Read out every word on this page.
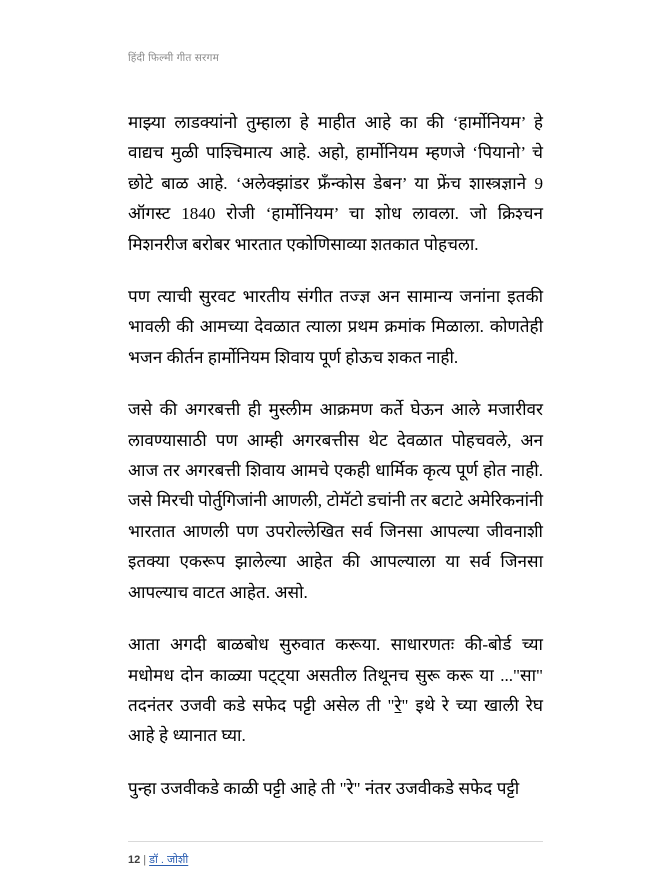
हिंदी फिल्मी गीत सरगम

माझ्या लाडक्यांनो तुम्हाला हे माहीत आहे का की ‘हार्मोनियम’ हे वाद्यच मुळी पाश्चिमात्य आहे. अहो, हार्मोनियम म्हणजे ‘पियानो’ चे छोटे बाळ आहे. ‘अलेक्झांडर फ्रँन्कोस डेबन’ या फ्रेंच शास्त्रज्ञाने 9 ऑगस्ट 1840 रोजी ‘हार्मोनियम’ चा शोध लावला. जो क्रिश्चन मिशनरीज बरोबर भारतात एकोणिसाव्या शतकात पोहचला.

पण त्याची सुरवट भारतीय संगीत तज्ज्ञ अन सामान्य जनांना इतकी भावली की आमच्या देवळात त्याला प्रथम क्रमांक मिळाला. कोणतेही भजन कीर्तन हार्मोनियम शिवाय पूर्ण होऊच शकत नाही.

जसे की अगरबत्ती ही मुस्लीम आक्रमण कर्ते घेऊन आले मजारीवर लावण्यासाठी पण आम्ही अगरबत्तीस थेट देवळात पोहचवले, अन आज तर अगरबत्ती शिवाय आमचे एकही धार्मिक कृत्य पूर्ण होत नाही. जसे मिरची पोर्तुगिजांनी आणली, टोमॅटो डचांनी तर बटाटे अमेरिकनांनी भारतात आणली पण उपरोल्लेखित सर्व जिनसा आपल्या जीवनाशी इतक्या एकरूप झालेल्या आहेत की आपल्याला या सर्व जिनसा आपल्याच वाटत आहेत. असो.

आता अगदी बाळबोध सुरुवात करूया. साधारणतः की-बोर्ड च्या मधोमध दोन काळ्या पट्ट्या असतील तिथूनच सुरू करू या ..."सा" तदनंतर उजवी कडे सफेद पट्टी असेल ती "रे" इथे रे च्या खाली रेघ आहे हे ध्यानात घ्या.

पुन्हा उजवीकडे काळी पट्टी आहे ती "रे" नंतर उजवीकडे सफेद पट्टी

12 | डॉ . जोशी
